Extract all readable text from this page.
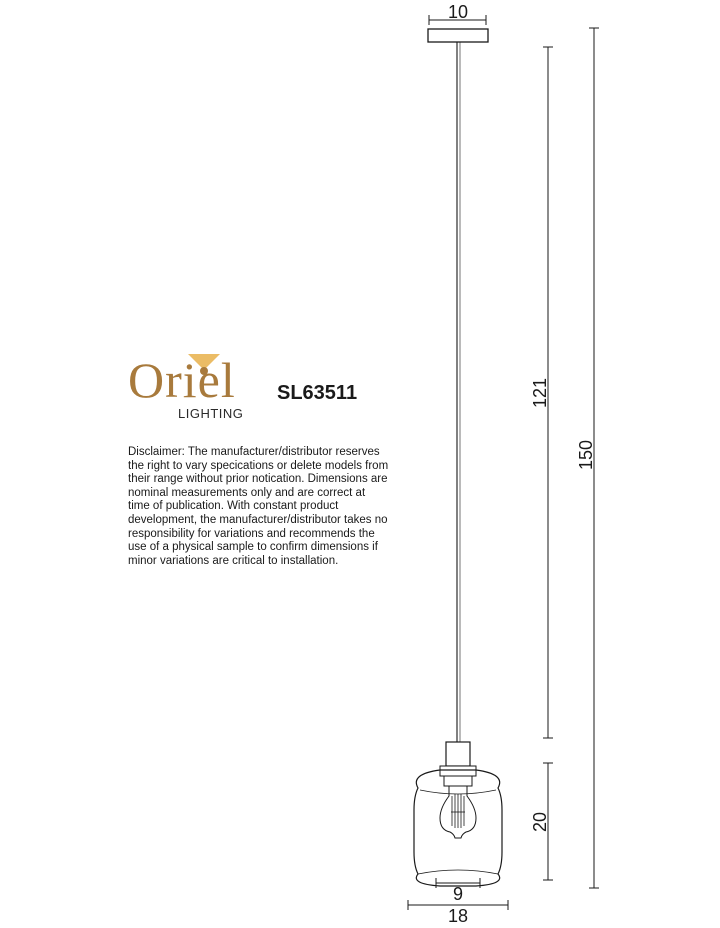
10
9
18
121
20
150
Oriel
LIGHTING
SL63511
Disclaimer: The manufacturer/distributor reserves the right to vary specications or delete models from their range without prior notication. Dimensions are nominal measurements only and are correct at time of publication. With constant product development, the manufacturer/distributor takes no responsibility for variations and recommends the use of a physical sample to confirm dimensions if minor variations are critical to installation.
